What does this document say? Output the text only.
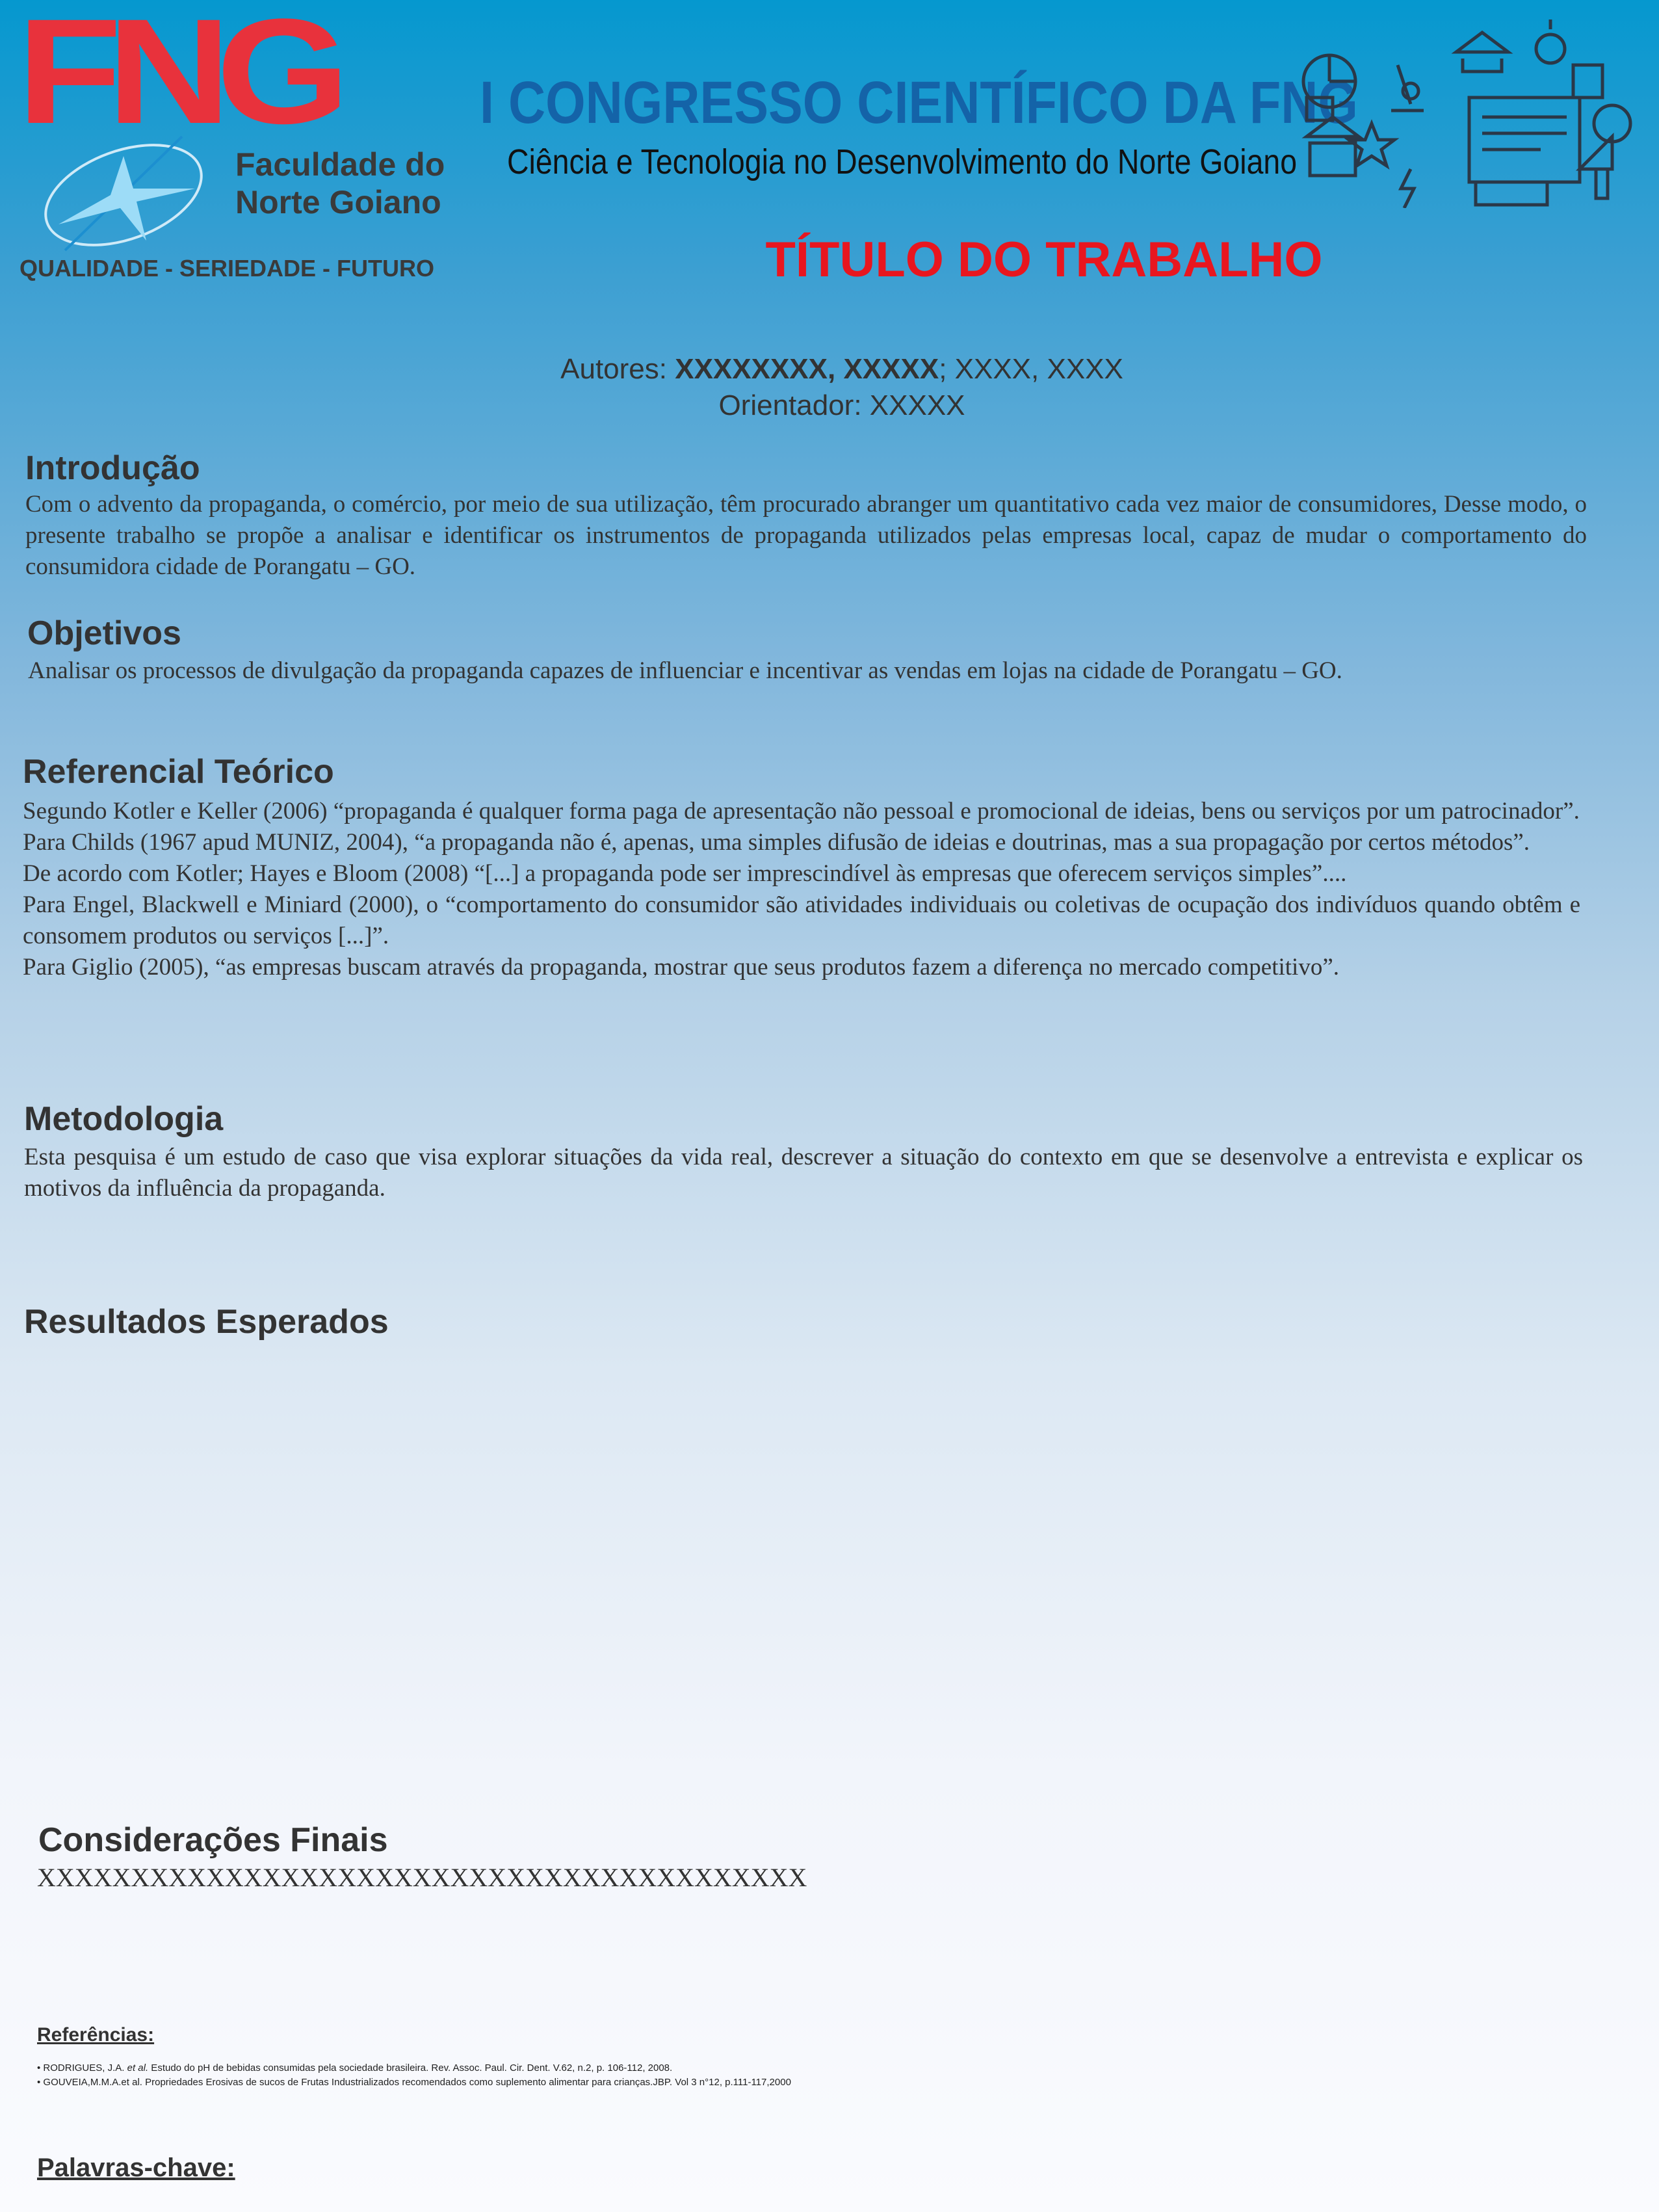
FNG
Faculdade do
Norte Goiano
QUALIDADE - SERIEDADE - FUTURO
I CONGRESSO CIENTÍFICO DA FNG
Ciência e Tecnologia no Desenvolvimento do Norte Goiano
TÍTULO DO TRABALHO
Autores: XXXXXXXX, XXXXX; XXXX, XXXX
Orientador: XXXXX
Introdução
Com o advento da propaganda, o comércio, por meio de sua utilização, têm procurado abranger um quantitativo cada vez maior de consumidores, Desse modo, o presente trabalho se propõe a analisar e identificar os instrumentos de propaganda utilizados pelas empresas local, capaz de mudar o comportamento do consumidora cidade de Porangatu – GO.
Objetivos
Analisar os processos de divulgação da propaganda capazes de influenciar e incentivar as vendas em lojas na cidade de Porangatu – GO.
Referencial Teórico

Segundo Kotler e Keller (2006) “propaganda é qualquer forma paga de apresentação não pessoal e promocional de ideias, bens ou serviços por um patrocinador”.

Para Childs (1967 apud MUNIZ, 2004), “a propaganda não é, apenas, uma simples difusão de ideias e doutrinas, mas a sua propagação por certos métodos”.

De acordo com Kotler; Hayes e Bloom (2008) “[...] a propaganda pode ser imprescindível às empresas que oferecem serviços simples”....

Para Engel, Blackwell e Miniard (2000), o “comportamento do consumidor são atividades individuais ou coletivas de ocupação dos indivíduos quando obtêm e consomem produtos ou serviços [...]”.

Para Giglio (2005), “as empresas buscam através da propaganda, mostrar que seus produtos fazem a diferença no mercado competitivo”.

Metodologia
Esta pesquisa é um estudo de caso que visa explorar situações da vida real, descrever a situação do contexto em que se desenvolve a entrevista e explicar os motivos da influência da propaganda.
Resultados Esperados
Considerações Finais
XXXXXXXXXXXXXXXXXXXXXXXXXXXXXXXXXXXXXXXXX
Referências:
• RODRIGUES, J.A. et al. Estudo do pH de bebidas consumidas pela sociedade brasileira. Rev. Assoc. Paul. Cir. Dent. V.62, n.2, p. 106-112, 2008.
• GOUVEIA,M.M.A.et al. Propriedades Erosivas de sucos de Frutas Industrializados recomendados como suplemento alimentar para crianças.JBP. Vol 3 n°12, p.111-117,2000
Palavras-chave:
